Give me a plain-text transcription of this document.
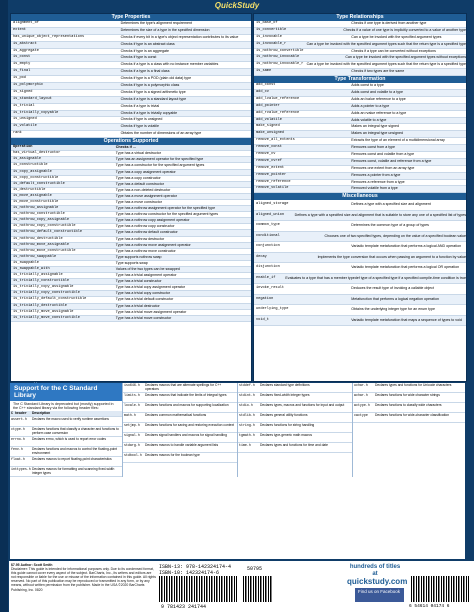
QuickStudy
Type Properties
alignment_of	Determines the type's alignment requirement
extent	Determines the size of a type in the specified dimension
has_unique_object_representations	Checks if every bit in a type's object representation contributes to its value
is_abstract	Checks if type is an abstract class
is_aggregate	Checks if type is an aggregate
is_const	Checks if type is const
is_empty	Checks if a type is a class with no instance member variables
is_final	Checks if a type is a final class
is_pod	Checks if type is a POD (plain old data) type
is_polymorphic	Checks if type is a polymorphic class
is_signed	Checks if type is a signed arithmetic type
is_standard_layout	Checks if a type is a standard layout type
is_trivial	Checks if a type is trivial
is_trivially_copyable	Checks if a type is trivially copyable
is_unsigned	Checks if type is unsigned
is_volatile	Checks if type is volatile
rank	Obtains the number of dimensions of an array type
Operations Supported
Operation	Checks if ...
has_virtual_destructor	Type has a virtual destructor
is_assignable	Type has an assignment operator for the specified type
is_constructible	Type has a constructor for the specified argument types
is_copy_assignable	Type has a copy assignment operator
is_copy_constructible	Type has a copy constructor
is_default_constructible	Type has a default constructor
is_destructible	Type has a non-deleted destructor
is_move_assignable	Type has a move assignment operator
is_move_constructible	Type has a move constructor
is_nothrow_assignable	Type has a nothrow assignment operator for the specified type
is_nothrow_constructible	Type has a nothrow constructor for the specified argument types
is_nothrow_copy_assignable	Type has a nothrow copy assignment operator
is_nothrow_copy_constructible	Type has a nothrow copy constructor
is_nothrow_default_constructible	Type has a nothrow default constructor
is_nothrow_destructible	Type has a nothrow destructor
is_nothrow_move_assignable	Type has a nothrow move assignment operator
is_nothrow_move_constructible	Type has a nothrow move constructor
is_nothrow_swappable	Type supports nothrow swap
is_swappable	Type supports swap
is_swappable_with	Values of the two types can be swapped
is_trivially_assignable	Type has a trivial assignment operator
is_trivially_constructible	Type has a trivial constructor
is_trivially_copy_assignable	Type has a trivial copy assignment operator
is_trivially_copy_constructible	Type has a trivial copy constructor
is_trivially_default_constructible	Type has a trivial default constructor
is_trivially_destructible	Type has a trivial destructor
is_trivially_move_assignable	Type has a trivial move assignment operator
is_trivially_move_constructible	Type has a trivial move constructor
Type Relationships
is_base_of	Checks if one type is derived from another type
is_convertible	Checks if a value of one type is implicitly converted to a value of another type
is_invocable	Can a type be invoked with the specified argument types
is_invocable_r	Can a type be invoked with the specified argument types such that the return type is a specified type
is_nothrow_convertible	Checks if a type can be converted without exceptions
is_nothrow_invocable	Can a type be invoked with the specified argument types without exceptions
is_nothrow_invocable_r Can a type be invoked with the specified argument types such that the return type is a specified type
is_same	Checks if two types are the same
Type Transformation
add_const	Adds const to a type
add_cv	Adds const and volatile to a type
add_lvalue_reference	Adds an lvalue reference to a type
add_pointer	Adds a pointer to a type
add_rvalue_reference	Adds an rvalue reference to a type
add_volatile	Adds volatile to a type
make_signed	Makes an integral type signed
make_unsigned	Makes an integral type unsigned
remove_all_extents	Extracts the type of an element of a multidimensional array
remove_const	Removes const from a type
remove_cv	Removes const and volatile from a type
remove_cvref	Removes const, volatile and reference from a type
remove_extent	Removes one extent from an array type
remove_pointer	Removes a pointer from a type
remove_reference	Removes a reference from a type
remove_volatile	Removed volatile from a type
Miscellaneous
aligned_storage	Defines a type with a specified size and alignment
aligned_union	Defines a type with a specified size and alignment that is suitable to store any one of a specified list of types
common_type	Determines the common type of a group of types
conditional	Chooses one of two specified types, depending on the value of a specified boolean value
conjunction	Variadic template metafunction that performs a logical AND operation
decay	Implements the type conversion that occurs when passing an argument to a function by value
disjunction	Variadic template metafunction that performs a logical OR operation
enable_if	Evaluates to a type that has a member typedef type of a specified type if a specified compile-time condition is true
invoke_result	Deduces the result type of invoking a callable object
negation	Metafunction that performs a logical negation operation
underlying_type	Obtains the underlying integer type for an enum type
void_t	Variadic template metafunction that maps a sequence of types to void
Support for the C Standard Library
The C Standard Library is deprecated but (mostly) supported in the C++ standard library via the following header files:
C header	Description
assert.h	Declares the macro used to verify runtime assertions
ctype.h	Declares functions that classify a character and functions to perform case conversion
errno.h	Declares errno, which is used to report error codes
fenv.h	Declares functions and macros to control the floating-point environment
float.h	Declares macros to report floating-point characteristics
inttypes.h Declares macros for formatting and scanning fixed-width integer types
iso646.h	Declares macros that are alternate spellings for C++ operators
limits.h	Declares macros that indicate the limits of integral types
locale.h	Declares functions and macros for supporting localization
math.h	Declares common mathematical functions
setjmp.h	Declares functions for saving and restoring execution context
signal.h	Declares signal handlers and macros for signal handling
stdarg.h	Declares macros to handle variable argument lists
stdbool.h Declares macros for the boolean type
stddef.h	Declares standard type definitions
stdint.h	Declares fixed-width integer types
stdio.h	Declares types, macros and functions for input and output
stdlib.h	Declares general utility functions
string.h	Declares functions for string handling
tgmath.h	Declares type-generic math macros
time.h	Declares types and functions for time and date
uchar.h	Declares types and functions for Unicode characters
wchar.h	Declares functions for wide character strings
wctype.h	Declares functions to classify wide characters
cwctype	Declares functions for wide-character classification
$7.95 Author: Scott Smith
Disclaimer: This guide is intended for informational purposes only. Due to its condensed format, this guide cannot cover every aspect of the subject. BarCharts, Inc., its writers and editors are not responsible or liable for the use or misuse of the information contained in this guide. All rights reserved. No part of this publication may be reproduced or transmitted in any form, or by any means, without written permission from the publisher. Made in the USA ©2020 BarCharts Publishing, Inc. 0820
ISBN-13: 978-142324174-4
ISBN-10: 142324174-6
9 781423 241744
50795	hundreds of titles at
quickstudy.com
Find us on Facebook
6 54614 04174 6
